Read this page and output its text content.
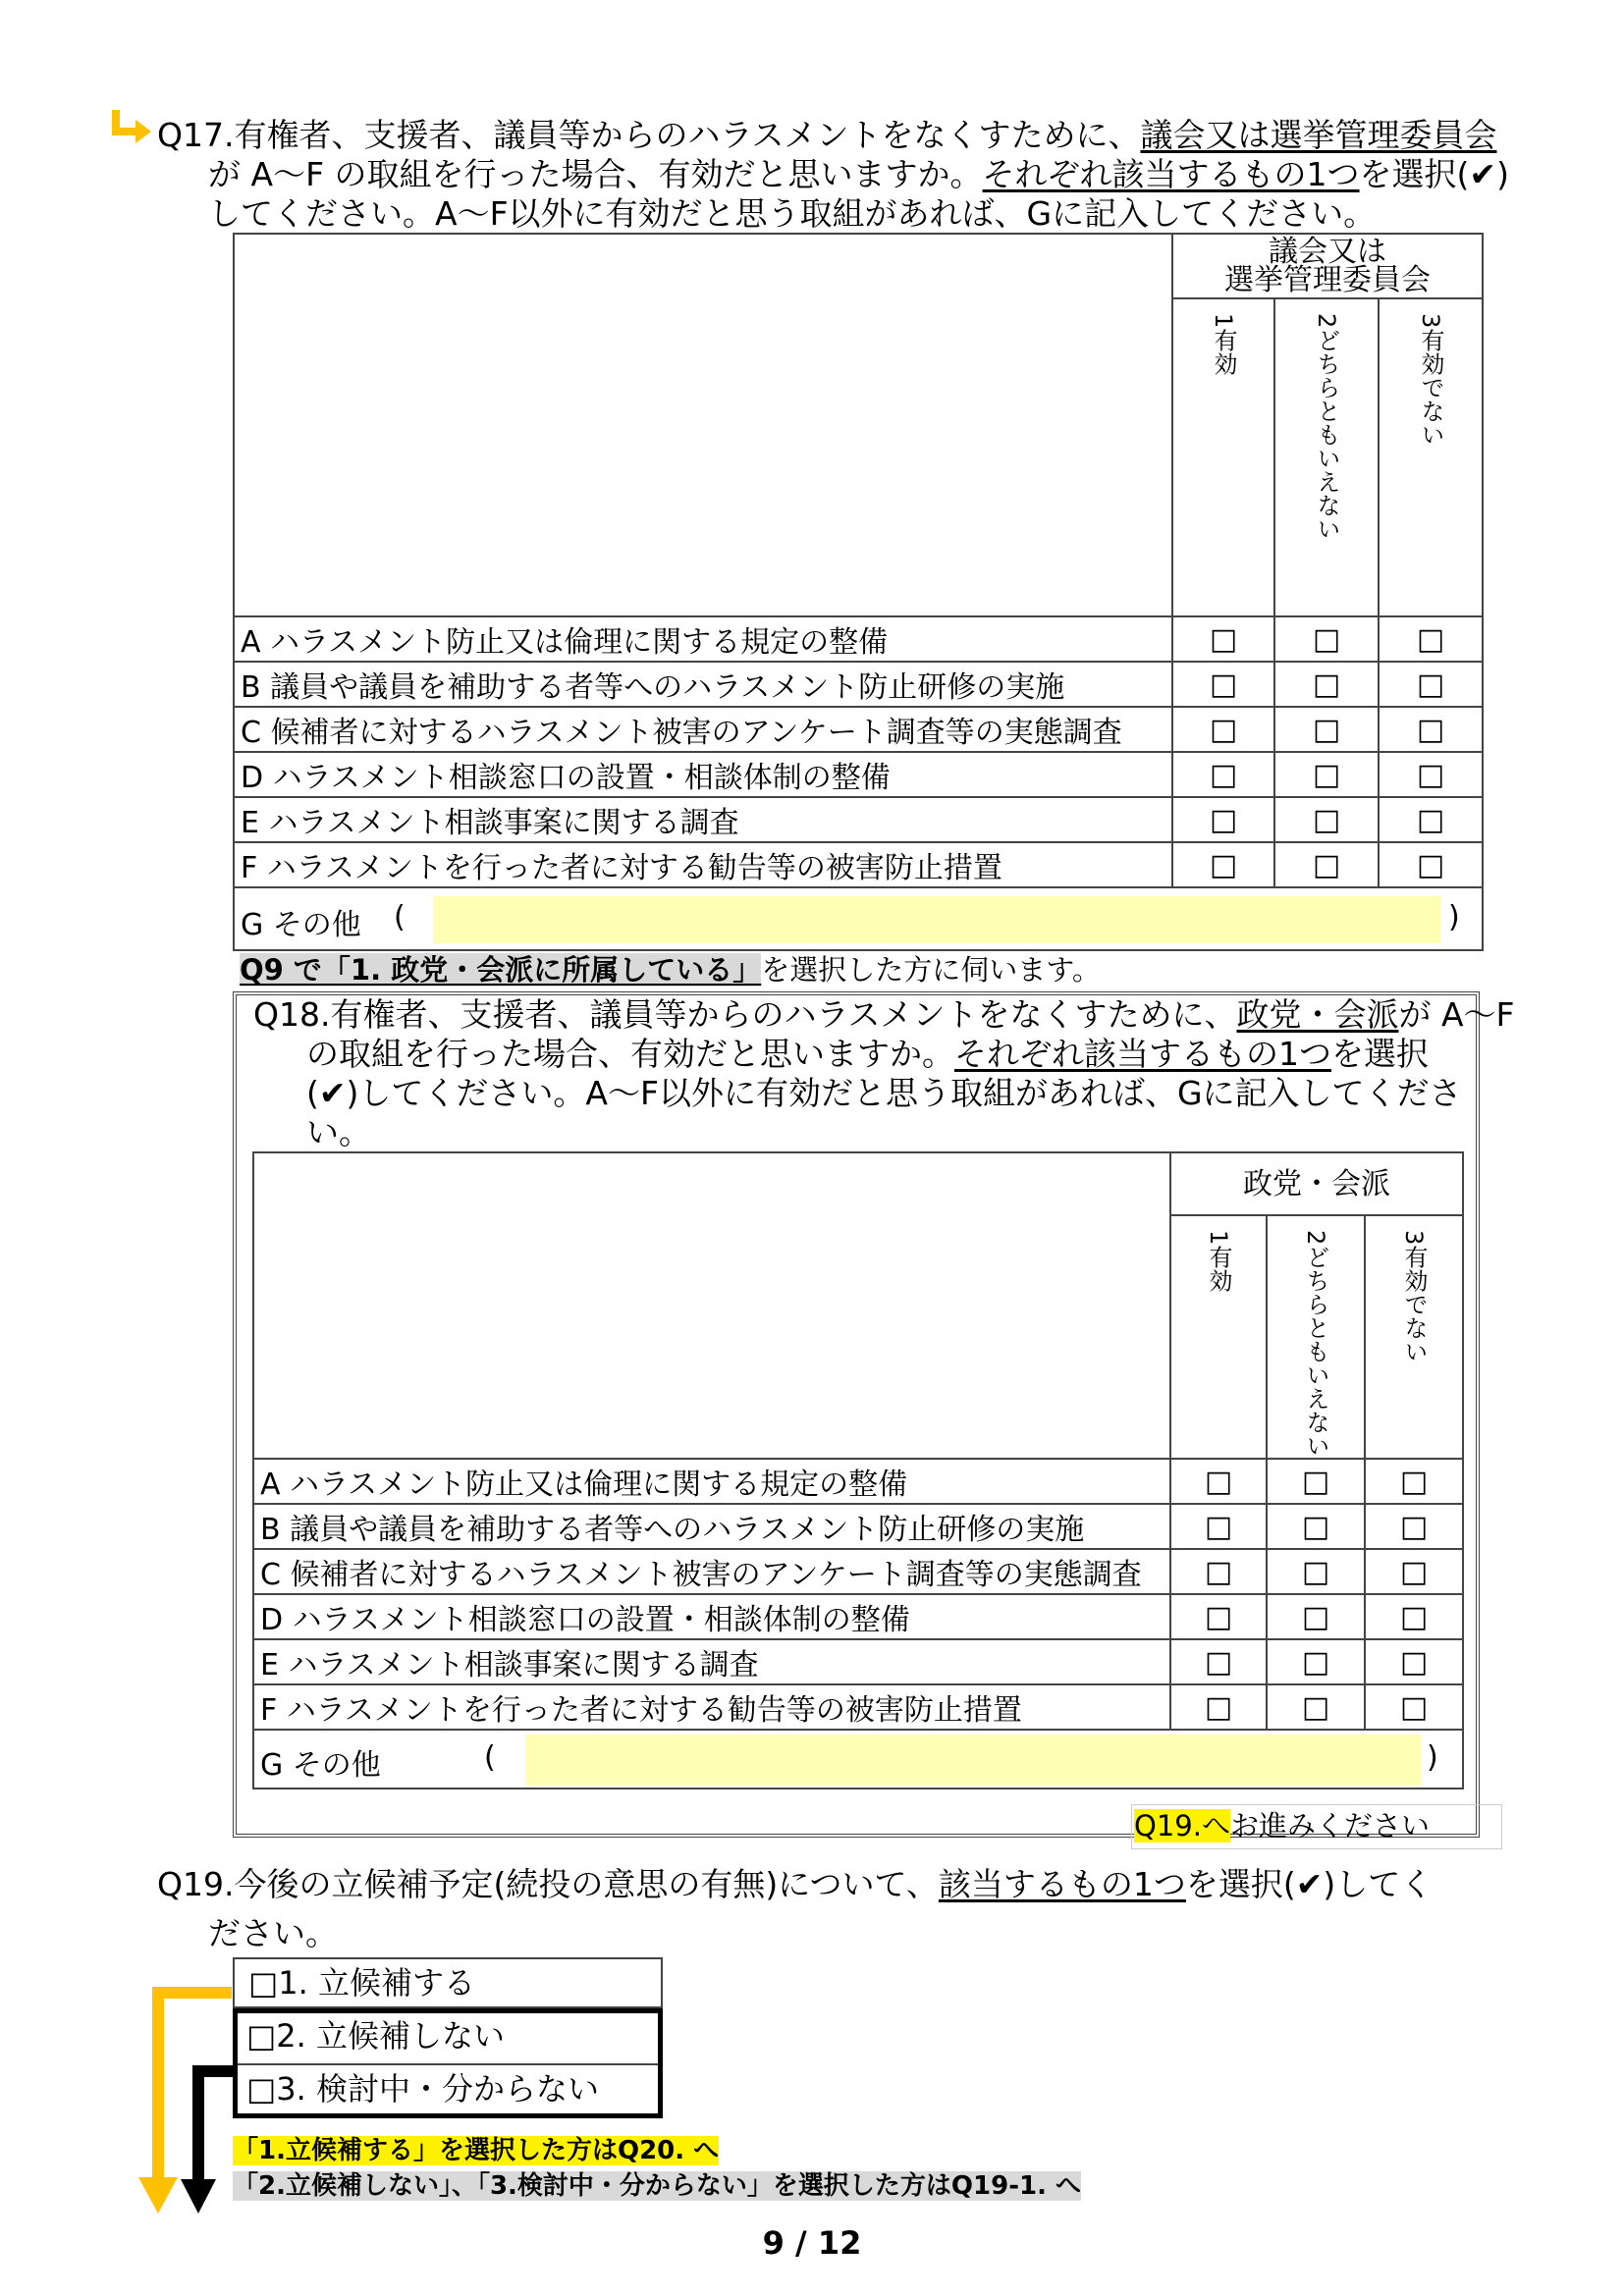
Q17.有権者、支援者、議員等からのハラスメントをなくすために、議会又は選挙管理委員会
が A～F の取組を行った場合、有効だと思いますか。それぞれ該当するもの1つを選択(✔)
してください。A～F以外に有効だと思う取組があれば、Gに記入してください。
	議会又は
選挙管理委員会		

	1有効	2どちらともいえない	3有効でない

A ハラスメント防止又は倫理に関する規定の整備	□	□	□
B 議員や議員を補助する者等へのハラスメント防止研修の実施	□	□	□
C 候補者に対するハラスメント被害のアンケート調査等の実態調査	□	□	□
D ハラスメント相談窓口の設置・相談体制の整備	□	□	□
E ハラスメント相談事案に関する調査	□	□	□
F ハラスメントを行った者に対する勧告等の被害防止措置	□	□	□

G その他 ( )			
Q9 で「1. 政党・会派に所属している」を選択した方に伺います。
Q18.有権者、支援者、議員等からのハラスメントをなくすために、政党・会派が A～F
の取組を行った場合、有効だと思いますか。それぞれ該当するもの1つを選択
(✔)してください。A～F以外に有効だと思う取組があれば、Gに記入してくださ
い。
	政党・会派		

	1有効	2どちらともいえない	3有効でない

A ハラスメント防止又は倫理に関する規定の整備	□	□	□
B 議員や議員を補助する者等へのハラスメント防止研修の実施	□	□	□
C 候補者に対するハラスメント被害のアンケート調査等の実態調査	□	□	□
D ハラスメント相談窓口の設置・相談体制の整備	□	□	□
E ハラスメント相談事案に関する調査	□	□	□
F ハラスメントを行った者に対する勧告等の被害防止措置	□	□	□

G その他 ( )			
Q19.へお進みください
Q19.今後の立候補予定(続投の意思の有無)について、該当するもの1つを選択(✔)してく
ださい。
□1. 立候補する
□2. 立候補しない
□3. 検討中・分からない
「1.立候補する」を選択した方はQ20. へ
「2.立候補しない」、「3.検討中・分からない」を選択した方はQ19-1. へ
9 / 12
